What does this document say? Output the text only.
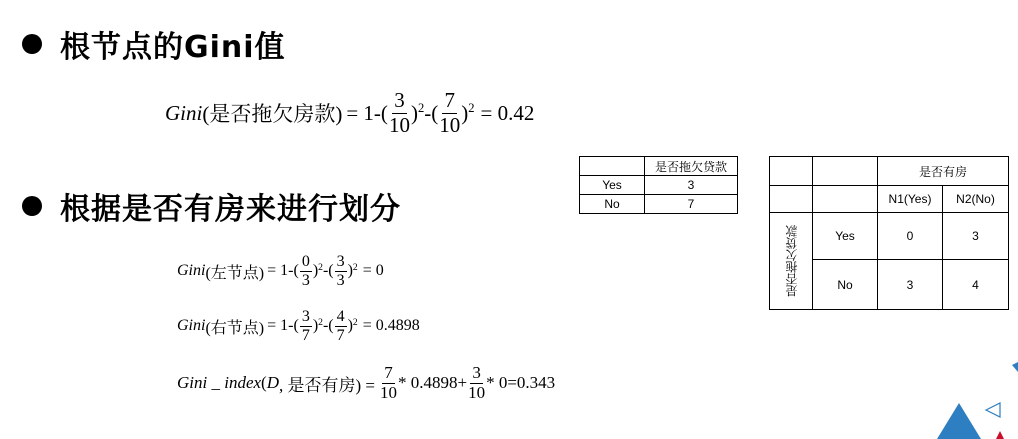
根节点的Gini值
Gini (是否拖欠房款) = $1-( \frac{3}{10} )^2$ -( $\frac{7}{10} )^2 = 0.42$
根据是否有房来进行划分
Gini (左节点) = $1-( \frac{0}{3} )^2$ -( $\frac{3}{3} )^2 = 0$
Gini (右节点) = $1-( \frac{3}{7} )^2$ -( $\frac{4}{7} )^2 = 0.4898$
Gini _ index ( D , 是否有房) = $\frac{7}{10} * 0.4898+ \frac{3}{10} * 0=0.343$
	是否拖欠贷款
Yes	3
No	7
		是否有房	
		N1(Yes)	N2(No)

是否拖欠贷款	Yes	0	3
	No	3	4
